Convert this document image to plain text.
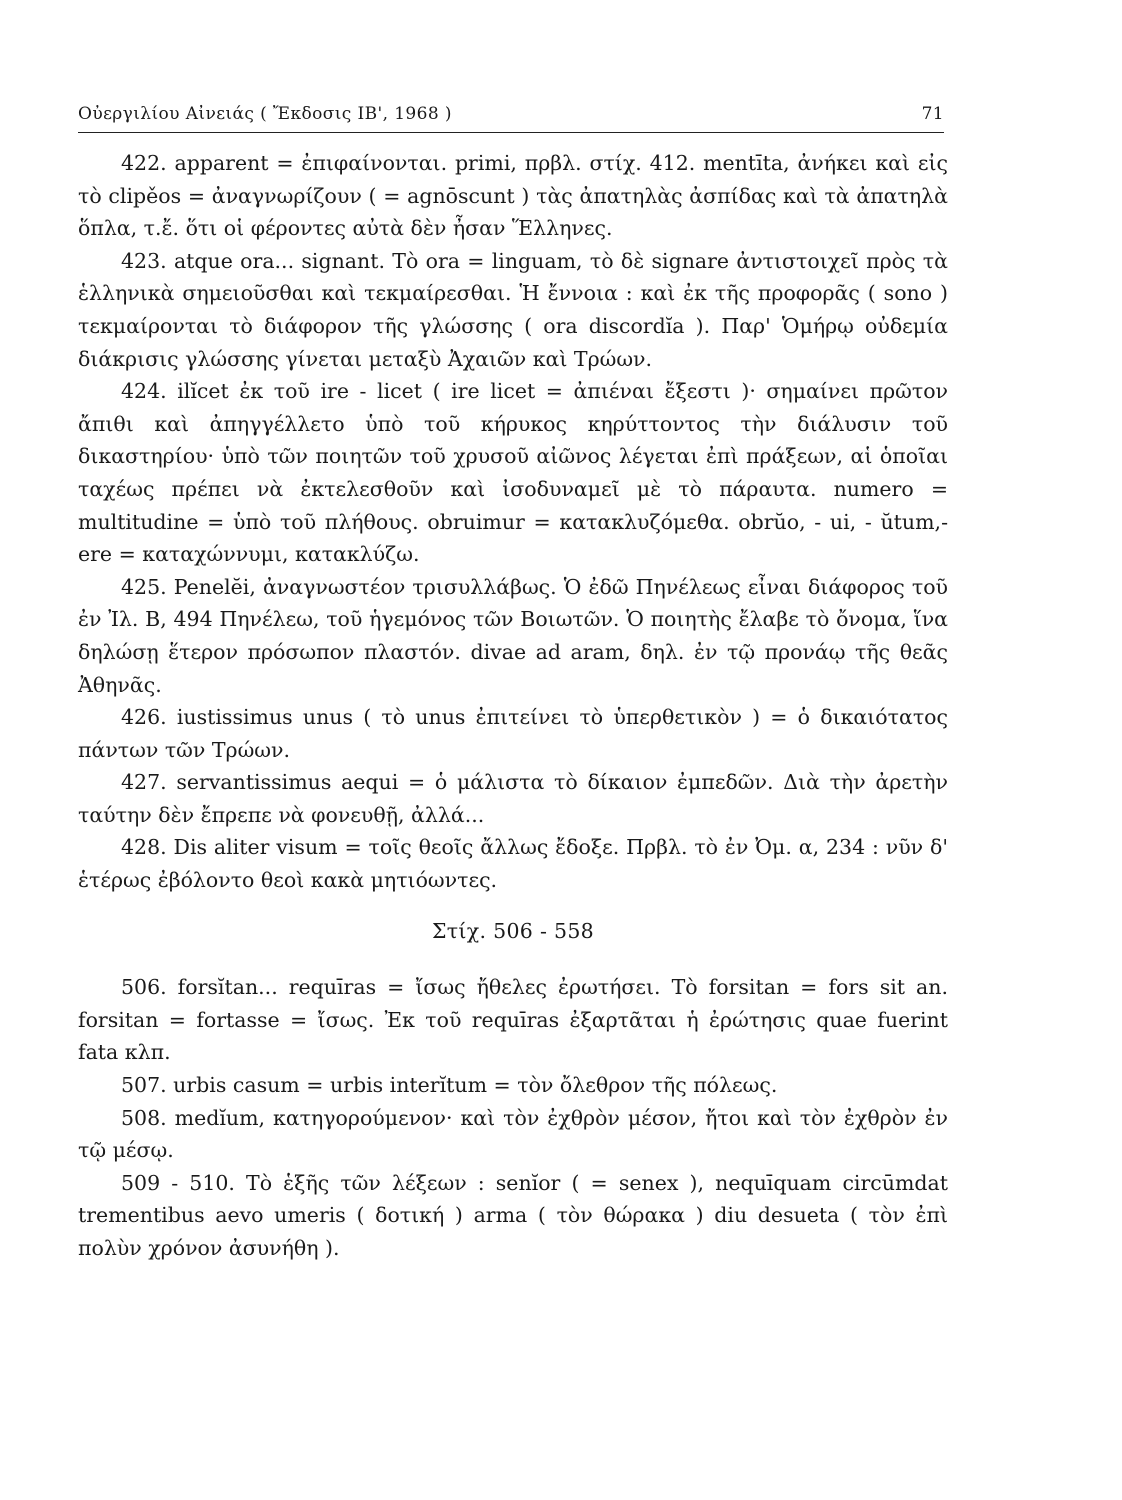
Οὐεργιλίου Αἰνειάς ( Ἔκδοσις ΙΒ', 1968 )	71

422. apparent = ἐπιφαίνονται. primi, πρβλ. στίχ. 412. mentīta, ἀνήκει καὶ εἰς τὸ clipěos = ἀναγνωρίζουν ( = agnōscunt ) τὰς ἀπατηλὰς ἀσπίδας καὶ τὰ ἀπατηλὰ ὅπλα, τ.ἔ. ὅτι οἱ φέροντες αὐτὰ δὲν ἦσαν Ἕλληνες.

423. atque ora... signant. Τὸ ora = linguam, τὸ δὲ signare ἀντιστοιχεῖ πρὸς τὰ ἑλληνικὰ σημειοῦσθαι καὶ τεκμαίρεσθαι. Ἡ ἔννοια : καὶ ἐκ τῆς προφορᾶς ( sono ) τεκμαίρονται τὸ διάφορον τῆς γλώσσης ( ora discordĭa ). Παρ' Ὁμήρῳ οὐδεμία διάκρισις γλώσσης γίνεται μεταξὺ Ἀχαιῶν καὶ Τρώων.

424. ilĭcet ἐκ τοῦ ire - licet ( ire licet = ἀπιέναι ἔξεστι )· σημαίνει πρῶτον ἄπιθι καὶ ἀπηγγέλλετο ὑπὸ τοῦ κήρυκος κηρύττοντος τὴν διάλυσιν τοῦ δικαστηρίου· ὑπὸ τῶν ποιητῶν τοῦ χρυσοῦ αἰῶνος λέγεται ἐπὶ πράξεων, αἱ ὁποῖαι ταχέως πρέπει νὰ ἐκτελεσθοῦν καὶ ἰσοδυναμεῖ μὲ τὸ πάραυτα. numero = multitudine = ὑπὸ τοῦ πλήθους. obruimur = κατακλυζόμεθα. obrŭo, - ui, - ŭtum,- ere = καταχώννυμι, κατακλύζω.

425. Penelĕi, ἀναγνωστέον τρισυλλάβως. Ὁ ἐδῶ Πηνέλεως εἶναι διάφορος τοῦ ἐν Ἰλ. Β, 494 Πηνέλεω, τοῦ ἡγεμόνος τῶν Βοιωτῶν. Ὁ ποιητὴς ἔλαβε τὸ ὄνομα, ἵνα δηλώσῃ ἕτερον πρόσωπον πλαστόν. divae ad aram, δηλ. ἐν τῷ προνάῳ τῆς θεᾶς Ἀθηνᾶς.

426. iustissimus unus ( τὸ unus ἐπιτείνει τὸ ὑπερθετικὸν ) = ὁ δικαιότατος πάντων τῶν Τρώων.

427. servantissimus aequi = ὁ μάλιστα τὸ δίκαιον ἐμπεδῶν. Διὰ τὴν ἀρετὴν ταύτην δὲν ἔπρεπε νὰ φονευθῇ, ἀλλά...

428. Dis aliter visum = τοῖς θεοῖς ἄλλως ἔδοξε. Πρβλ. τὸ ἐν Ὀμ. α, 234 : νῦν δ' ἑτέρως ἐβόλοντο θεοὶ κακὰ μητιόωντες.

Στίχ. 506 - 558

506. forsĭtan... requīras = ἴσως ἤθελες ἐρωτήσει. Τὸ forsitan = fors sit an. forsitan = fortasse = ἴσως. Ἐκ τοῦ requīras ἐξαρτᾶται ἡ ἐρώτησις quae fuerint fata κλπ.

507. urbis casum = urbis interĭtum = τὸν ὄλεθρον τῆς πόλεως.

508. medĭum, κατηγορούμενον· καὶ τὸν ἐχθρὸν μέσον, ἤτοι καὶ τὸν ἐχθρὸν ἐν τῷ μέσῳ.

509 - 510. Τὸ ἑξῆς τῶν λέξεων : senĭor ( = senex ), nequīquam circūmdat trementibus aevo umeris ( δοτική ) arma ( τὸν θώρακα ) diu desueta ( τὸν ἐπὶ πολὺν χρόνον ἀσυνήθη ).
